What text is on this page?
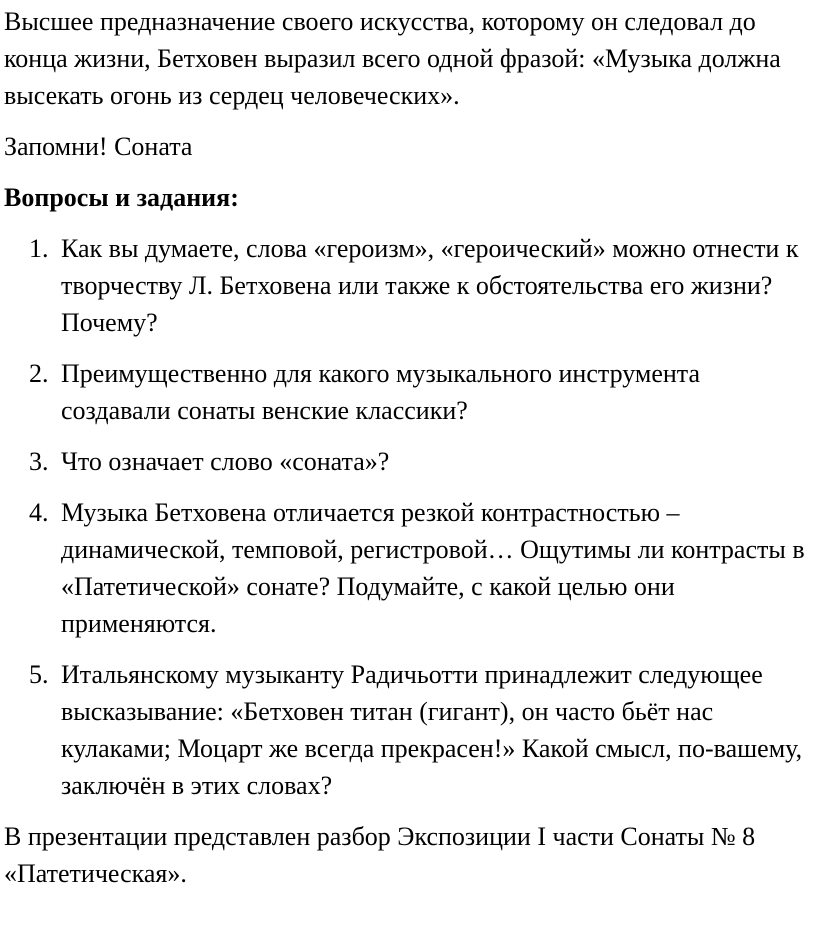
Высшее предназначение своего искусства, которому он следовал до конца жизни, Бетховен выразил всего одной фразой: «Музыка должна высекать огонь из сердец человеческих».

Запомни! Соната

Вопросы и задания:

1. Как вы думаете, слова «героизм», «героический» можно отнести к творчеству Л. Бетховена или также к обстоятельства его жизни? Почему?
2. Преимущественно для какого музыкального инструмента создавали сонаты венские классики?
3. Что означает слово «соната»?
4. Музыка Бетховена отличается резкой контрастностью – динамической, темповой, регистровой… Ощутимы ли контрасты в «Патетической» сонате? Подумайте, с какой целью они применяются.
5. Итальянскому музыканту Радичьотти принадлежит следующее высказывание: «Бетховен титан (гигант), он часто бьёт нас кулаками; Моцарт же всегда прекрасен!» Какой смысл, по-вашему, заключён в этих словах?

В презентации представлен разбор Экспозиции I части Сонаты № 8 «Патетическая».
